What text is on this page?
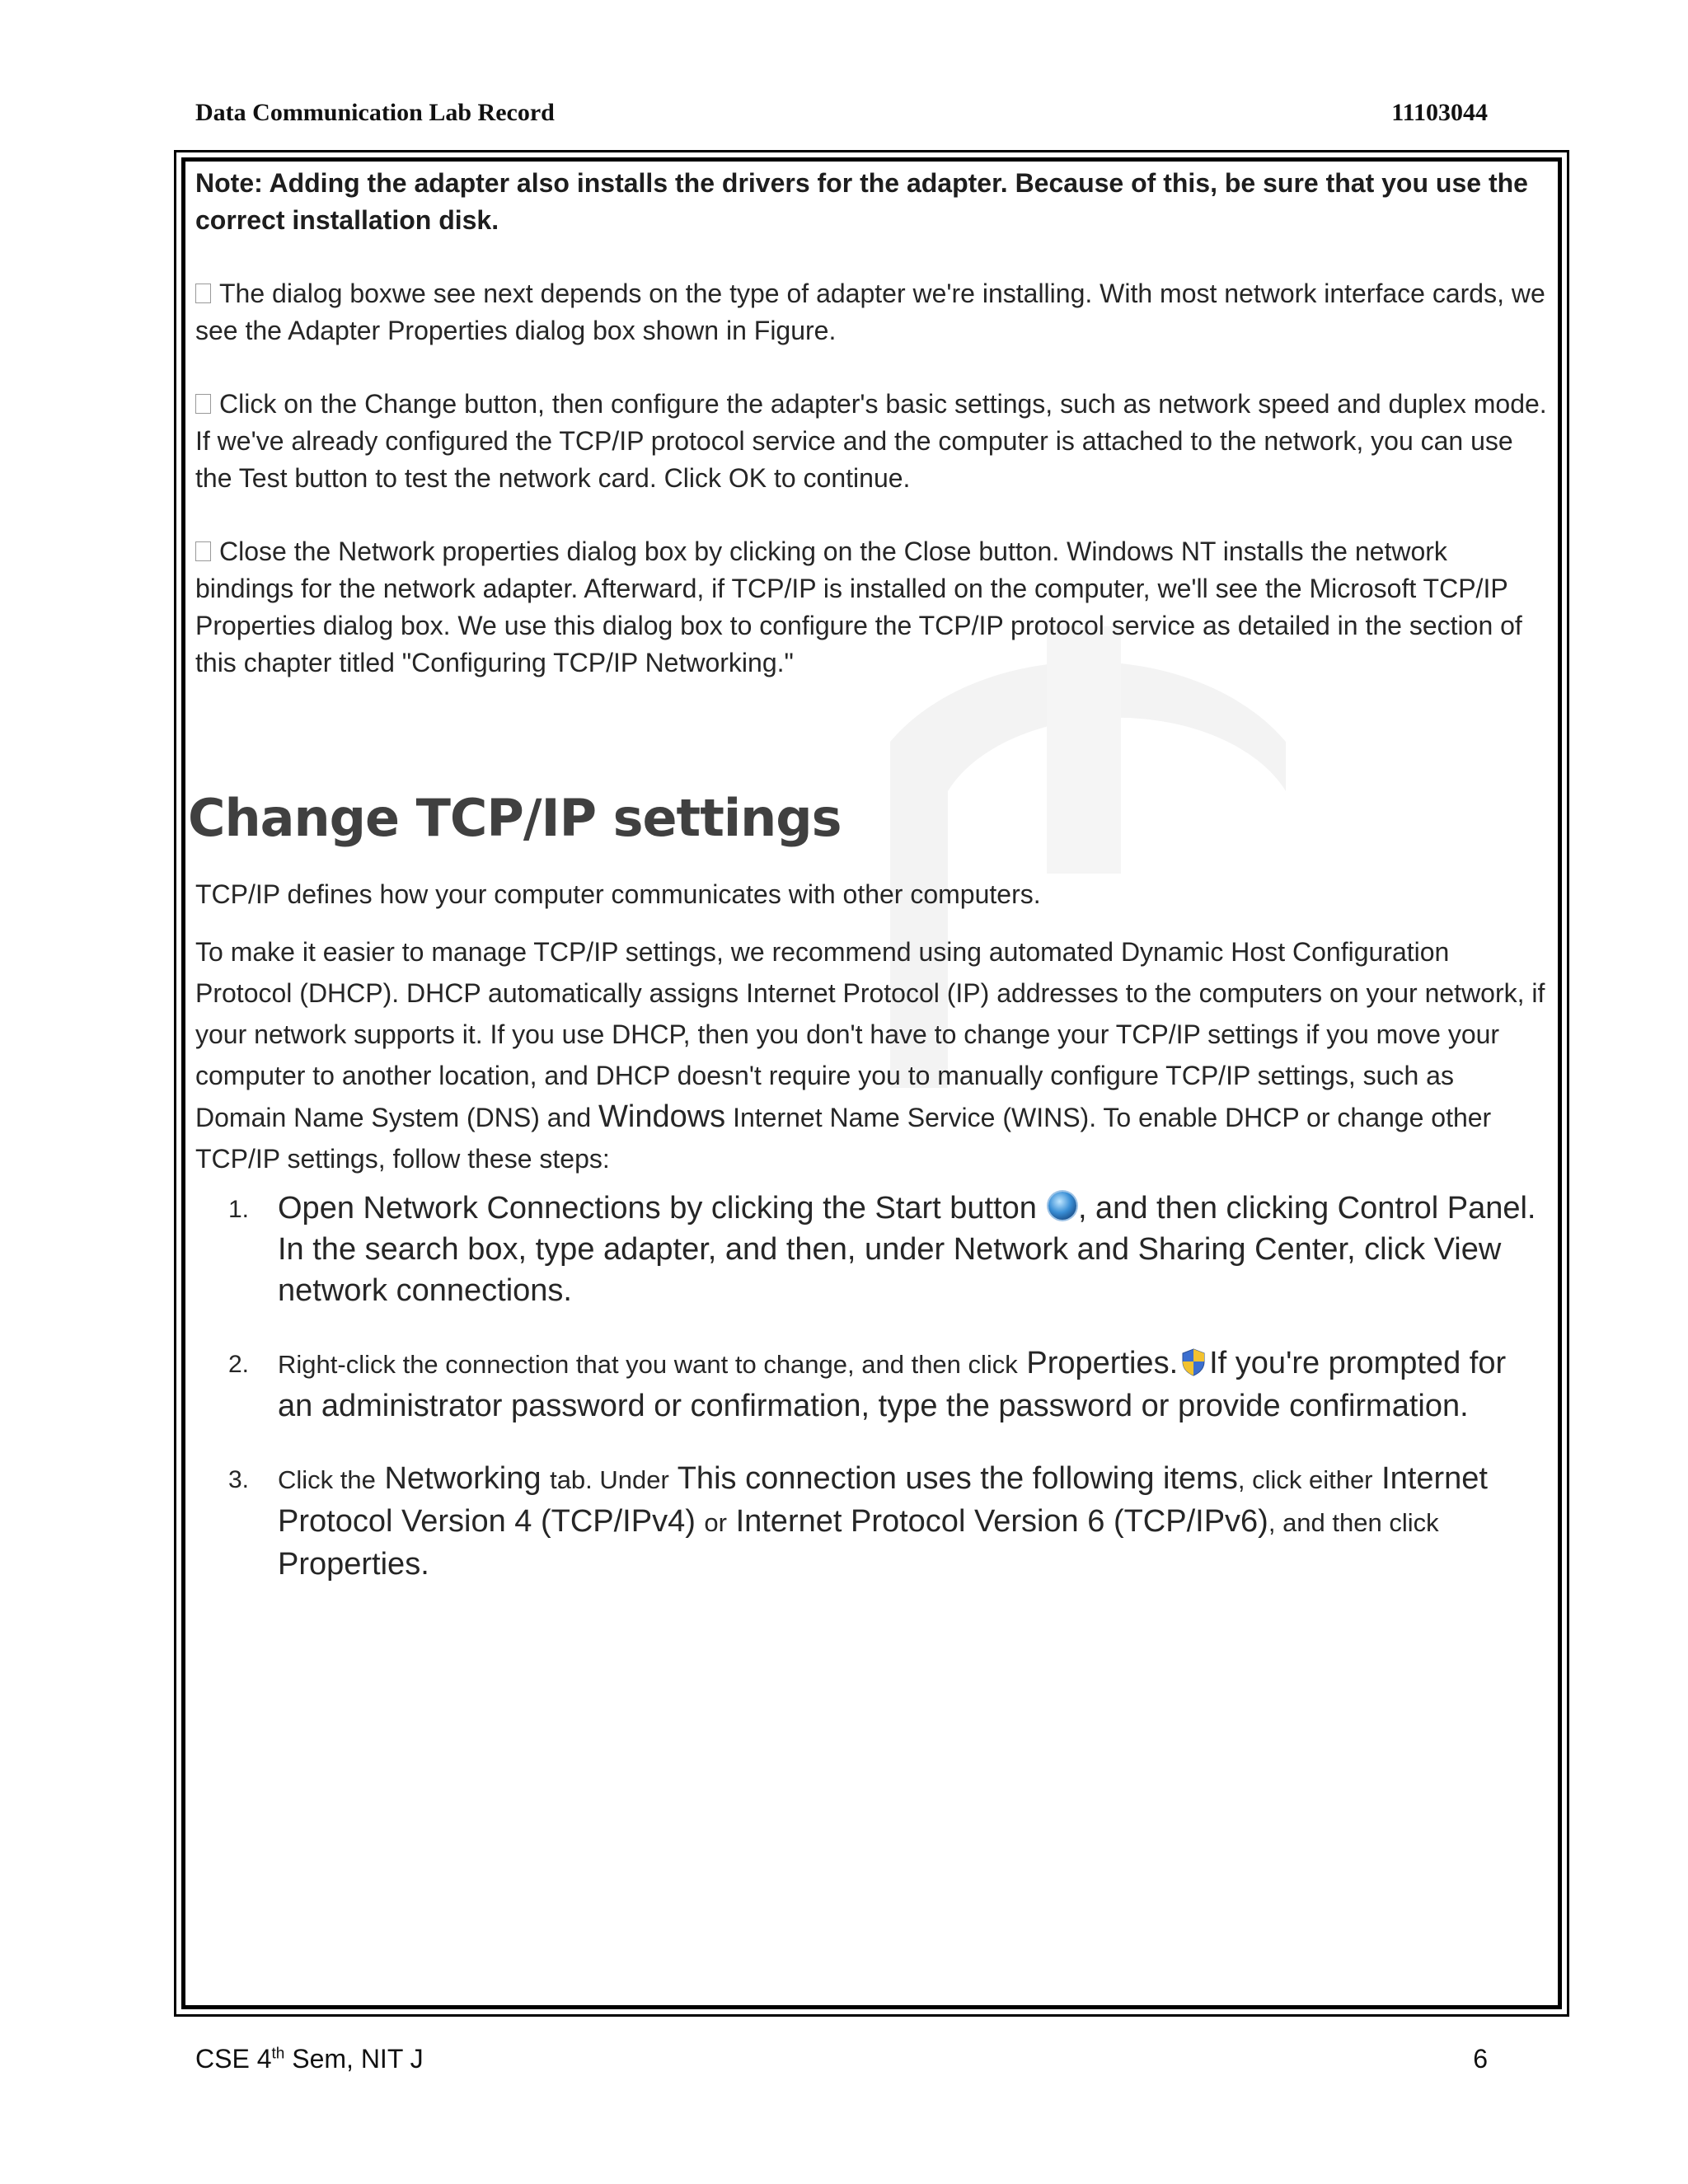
Data Communication Lab Record	11103044

Note: Adding the adapter also installs the drivers for the adapter. Because of this, be sure that you use the correct installation disk.

The dialog boxwe see next depends on the type of adapter we're installing. With most network interface cards, we see the Adapter Properties dialog box shown in Figure.

Click on the Change button, then configure the adapter's basic settings, such as network speed and duplex mode. If we've already configured the TCP/IP protocol service and the computer is attached to the network, you can use the Test button to test the network card. Click OK to continue.

Close the Network properties dialog box by clicking on the Close button. Windows NT installs the network bindings for the network adapter. Afterward, if TCP/IP is installed on the computer, we'll see the Microsoft TCP/IP Properties dialog box. We use this dialog box to configure the TCP/IP protocol service as detailed in the section of this chapter titled "Configuring TCP/IP Networking."

Change TCP/IP settings

TCP/IP defines how your computer communicates with other computers.

To make it easier to manage TCP/IP settings, we recommend using automated Dynamic Host Configuration Protocol (DHCP). DHCP automatically assigns Internet Protocol (IP) addresses to the computers on your network, if your network supports it. If you use DHCP, then you don't have to change your TCP/IP settings if you move your computer to another location, and DHCP doesn't require you to manually configure TCP/IP settings, such as Domain Name System (DNS) and Windows Internet Name Service (WINS). To enable DHCP or change other TCP/IP settings, follow these steps:

1. Open Network Connections by clicking the Start button , and then clicking Control Panel. In the search box, type adapter, and then, under Network and Sharing Center, click View network connections.
2. Right-click the connection that you want to change, and then click Properties. If you're prompted for an administrator password or confirmation, type the password or provide confirmation.
3. Click the Networking tab. Under This connection uses the following items, click either Internet Protocol Version 4 (TCP/IPv4) or Internet Protocol Version 6 (TCP/IPv6), and then click Properties.
CSE 4th Sem, NIT J	6
